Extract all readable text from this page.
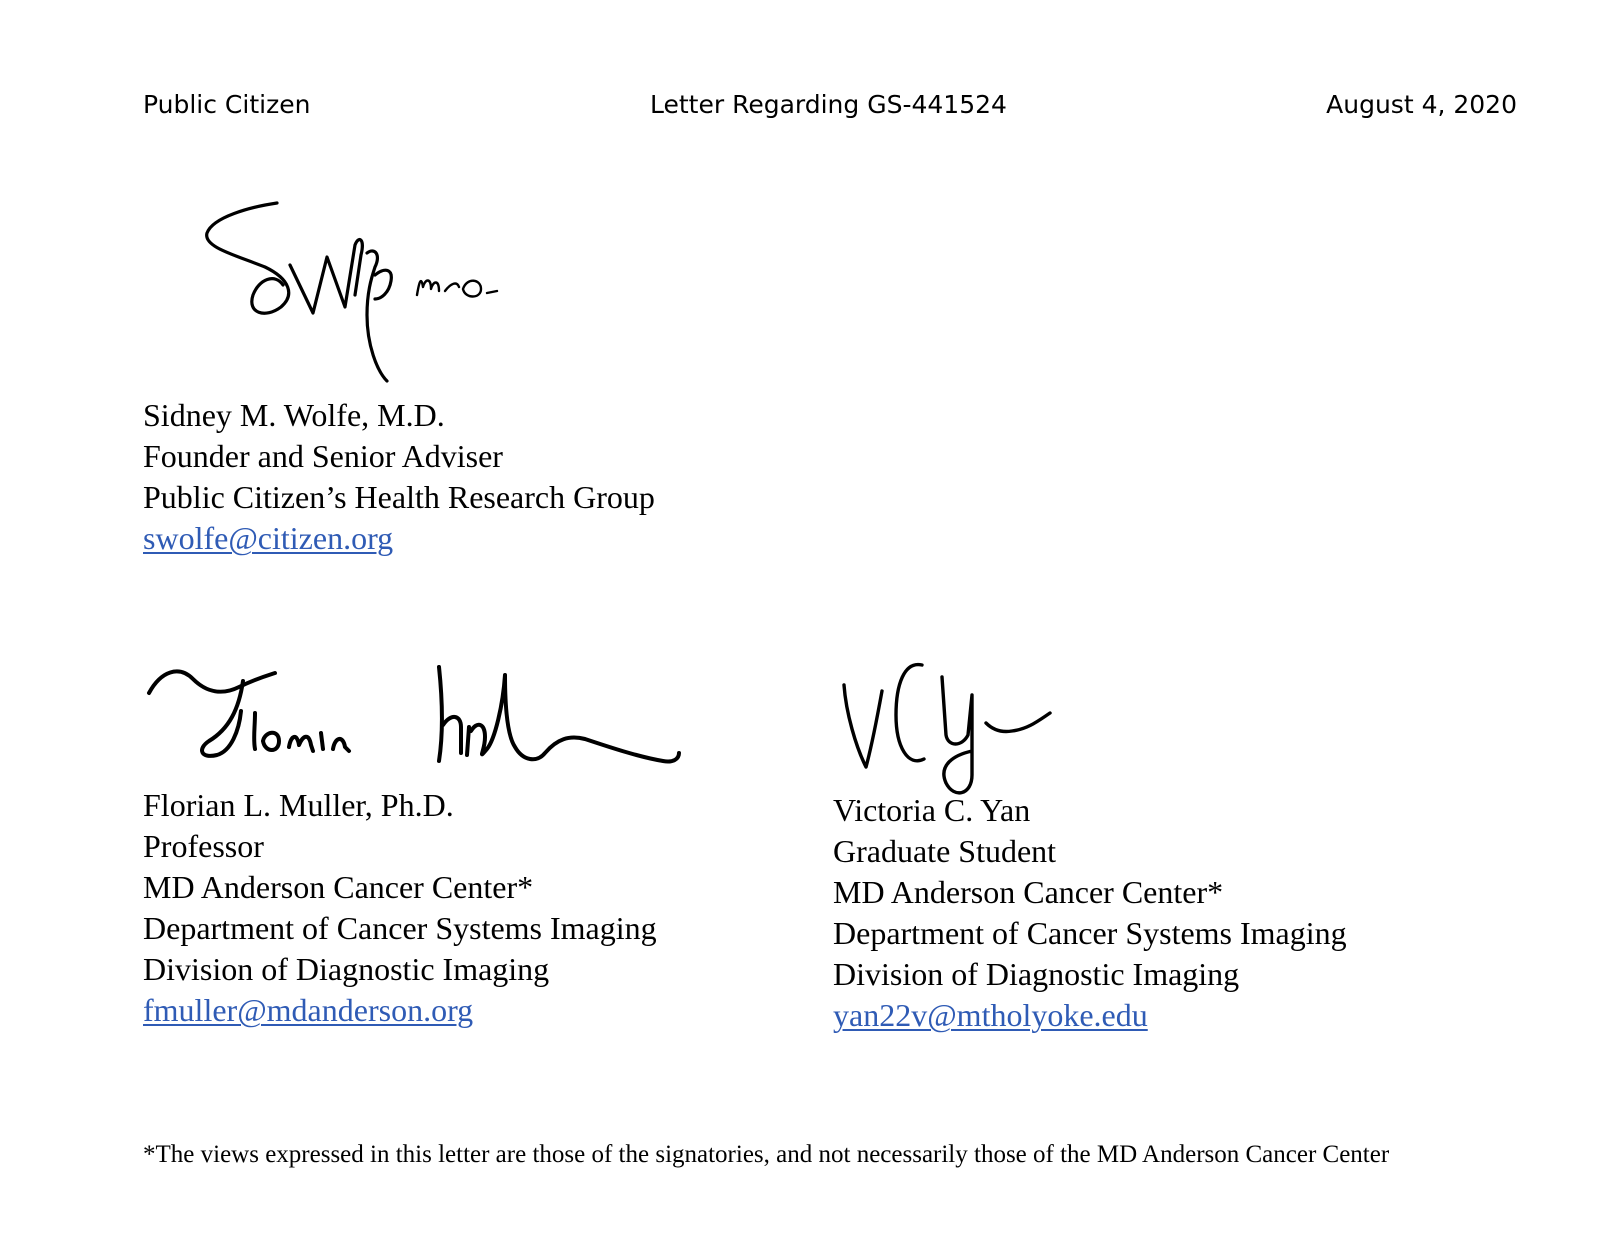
Public Citizen	Letter Regarding GS-441524	August 4, 2020
Sidney M. Wolfe, M.D.
Founder and Senior Adviser
Public Citizen’s Health Research Group
swolfe@citizen.org
Florian L. Muller, Ph.D.
Professor
MD Anderson Cancer Center*
Department of Cancer Systems Imaging
Division of Diagnostic Imaging
fmuller@mdanderson.org
Victoria C. Yan
Graduate Student
MD Anderson Cancer Center*
Department of Cancer Systems Imaging
Division of Diagnostic Imaging
yan22v@mtholyoke.edu
*The views expressed in this letter are those of the signatories, and not necessarily those of the MD Anderson Cancer Center
